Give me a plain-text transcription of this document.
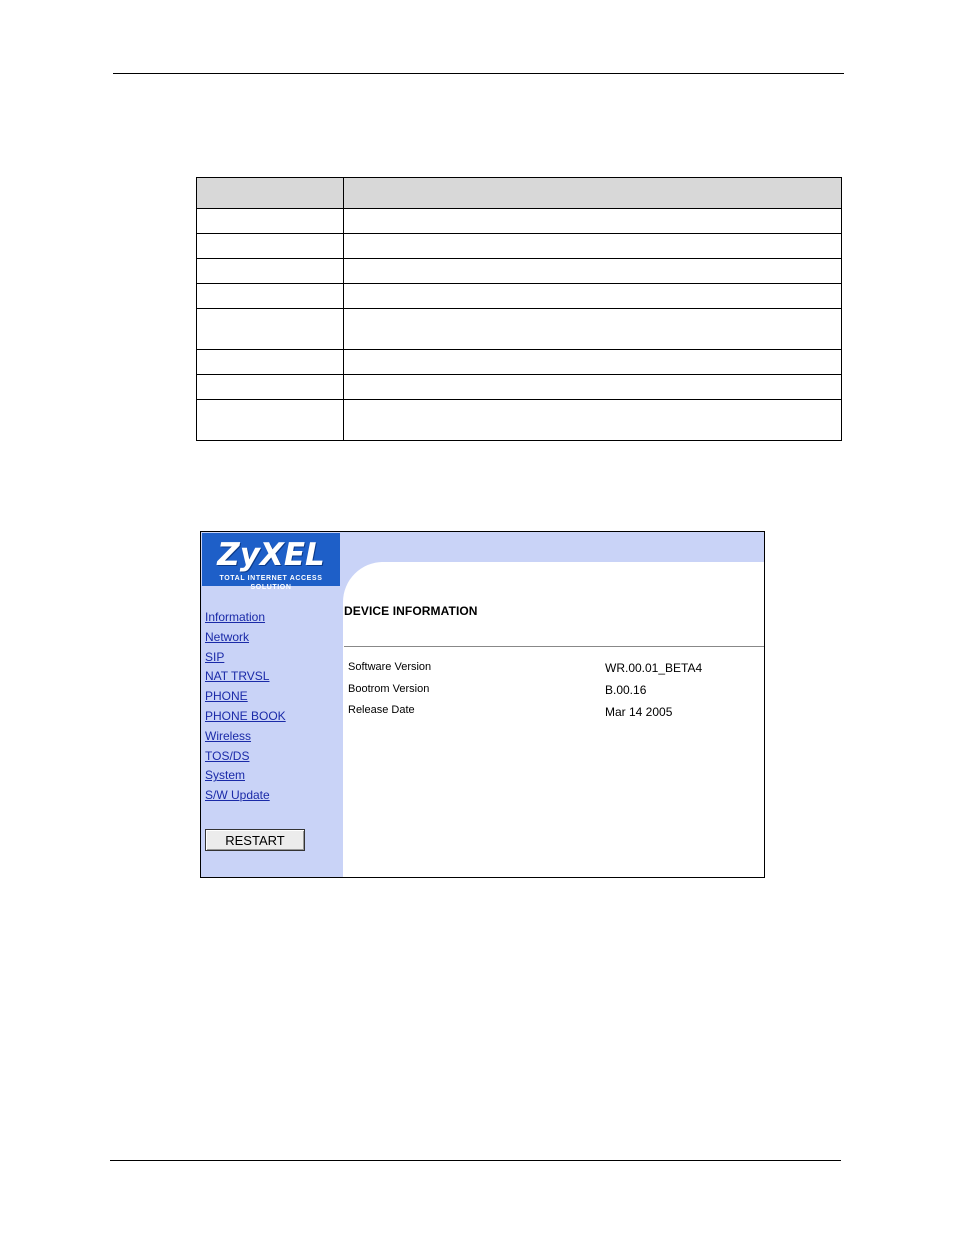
ZyXEL
TOTAL INTERNET ACCESS SOLUTION
Information
Network
SIP
NAT TRVSL
PHONE
PHONE BOOK
Wireless
TOS/DS
System
S/W Update
RESTART
DEVICE INFORMATION
Software Version	WR.00.01_BETA4
Bootrom Version	B.00.16
Release Date	Mar 14 2005
